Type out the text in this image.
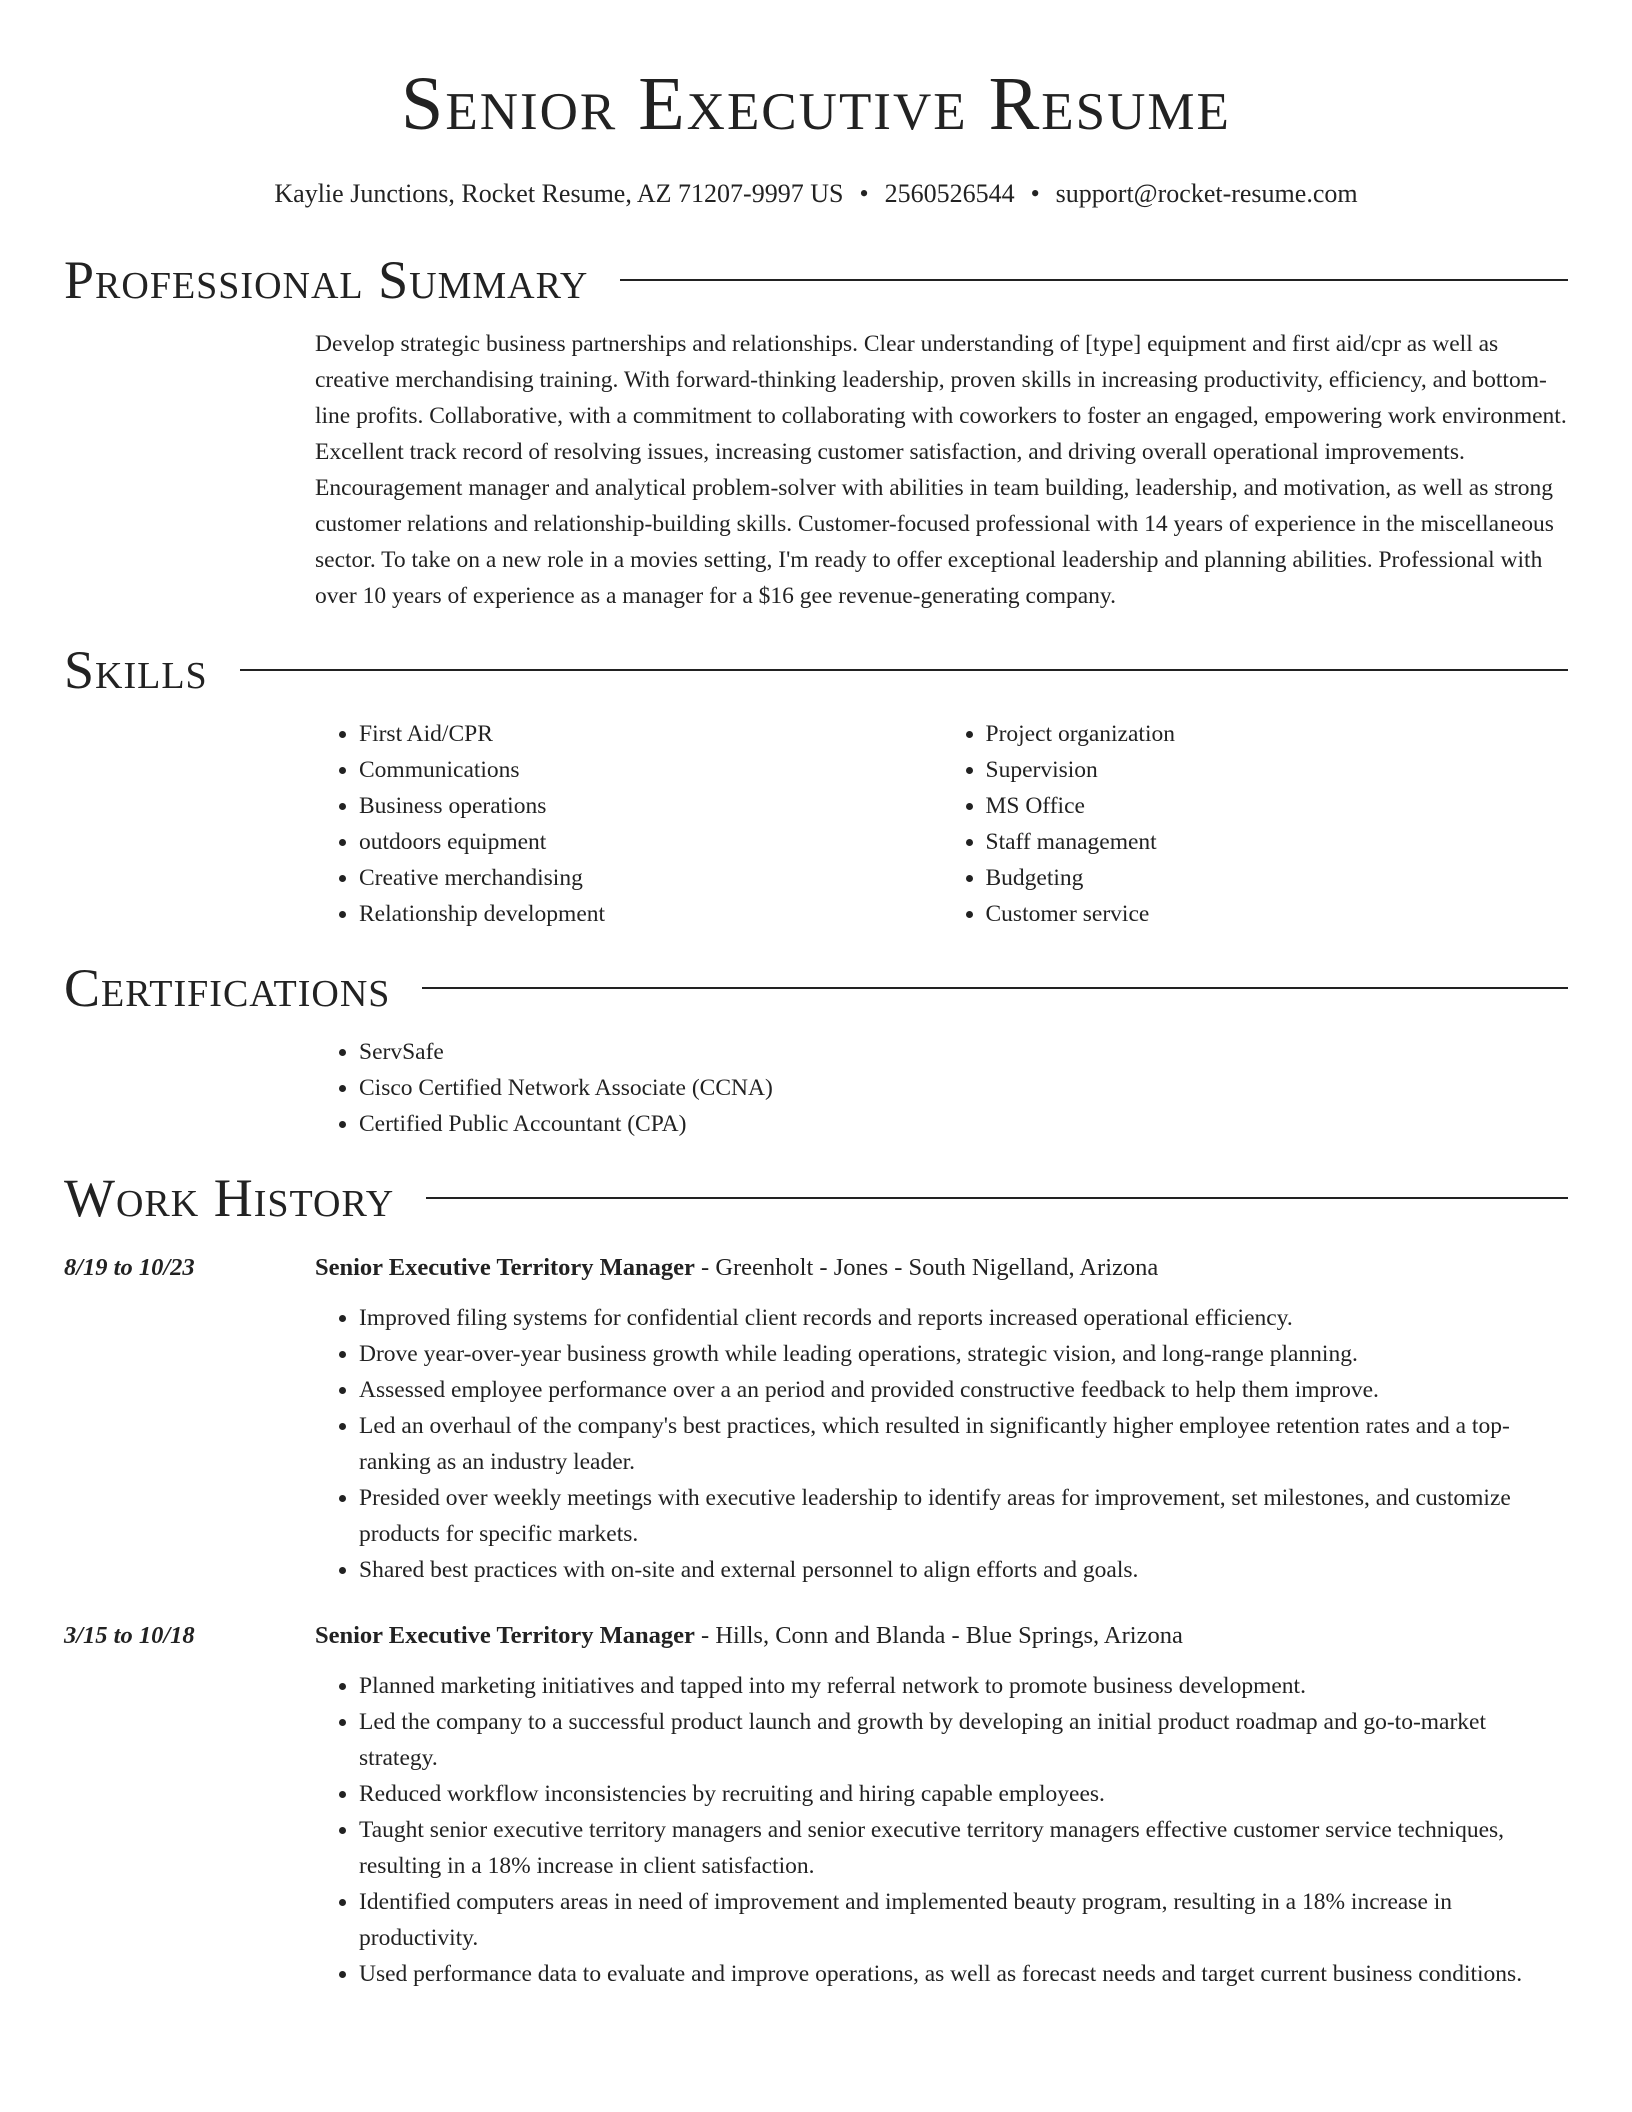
Senior Executive Resume
Kaylie Junctions, Rocket Resume, AZ 71207-9997 US • 2560526544 • support@rocket-resume.com
Professional Summary

Develop strategic business partnerships and relationships. Clear understanding of [type] equipment and first aid/cpr as well as creative merchandising training. With forward-thinking leadership, proven skills in increasing productivity, efficiency, and bottom-line profits. Collaborative, with a commitment to collaborating with coworkers to foster an engaged, empowering work environment. Excellent track record of resolving issues, increasing customer satisfaction, and driving overall operational improvements. Encouragement manager and analytical problem-solver with abilities in team building, leadership, and motivation, as well as strong customer relations and relationship-building skills. Customer-focused professional with 14 years of experience in the miscellaneous sector. To take on a new role in a movies setting, I'm ready to offer exceptional leadership and planning abilities. Professional with over 10 years of experience as a manager for a $16 gee revenue-generating company.

Skills
• First Aid/CPR
• Communications
• Business operations
• outdoors equipment
• Creative merchandising
• Relationship development
• Project organization
• Supervision
• MS Office
• Staff management
• Budgeting
• Customer service
Certifications
• ServSafe
• Cisco Certified Network Associate (CCNA)
• Certified Public Accountant (CPA)
Work History
8/19 to 10/23	Senior Executive Territory Manager - Greenholt - Jones - South Nigelland, Arizona
• Improved filing systems for confidential client records and reports increased operational efficiency.
• Drove year-over-year business growth while leading operations, strategic vision, and long-range planning.
• Assessed employee performance over a an period and provided constructive feedback to help them improve.
• Led an overhaul of the company's best practices, which resulted in significantly higher employee retention rates and a top-ranking as an industry leader.
• Presided over weekly meetings with executive leadership to identify areas for improvement, set milestones, and customize products for specific markets.
• Shared best practices with on-site and external personnel to align efforts and goals.
3/15 to 10/18	Senior Executive Territory Manager - Hills, Conn and Blanda - Blue Springs, Arizona
• Planned marketing initiatives and tapped into my referral network to promote business development.
• Led the company to a successful product launch and growth by developing an initial product roadmap and go-to-market strategy.
• Reduced workflow inconsistencies by recruiting and hiring capable employees.
• Taught senior executive territory managers and senior executive territory managers effective customer service techniques, resulting in a 18% increase in client satisfaction.
• Identified computers areas in need of improvement and implemented beauty program, resulting in a 18% increase in productivity.
• Used performance data to evaluate and improve operations, as well as forecast needs and target current business conditions.
